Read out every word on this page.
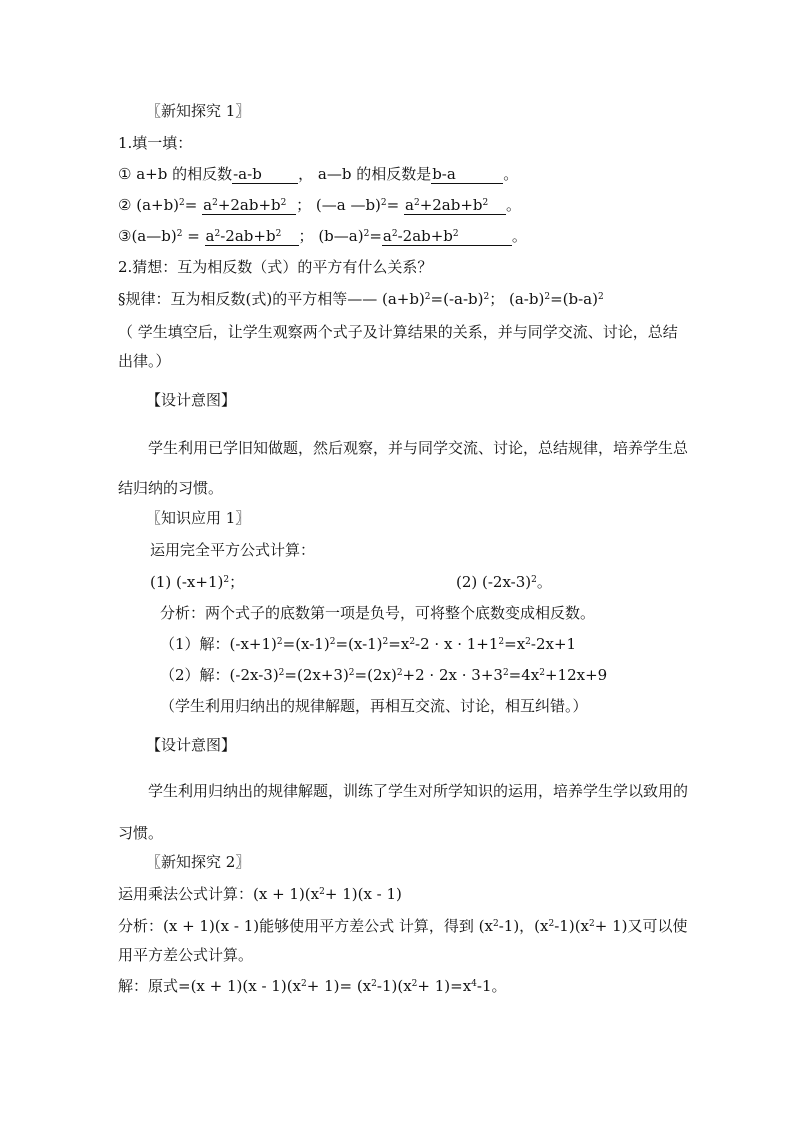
〖新知探究 1〗
1.填一填：
① a+b 的相反数-a-b， a—b 的相反数是b-a	。
② $(a+b)^2= a^2+2ab+b^2$ ； (—a —b)$^2$= $a^2+2ab+b^2$ 。
③(a—b)$^2$ = $a^2-2ab+b^2$ ； $(b—a)^2=a^2-2ab+b^2$	。
2.猜想：互为相反数（式）的平方有什么关系？
§规律：互为相反数(式)的平方相等—— $(a+b)^2=(-a-b)^2$； $(a-b)^2=(b-a)^2$
（ 学生填空后，让学生观察两个式子及计算结果的关系，并与同学交流、讨论，总结出律。）
【设计意图】
学生利用已学旧知做题，然后观察，并与同学交流、讨论，总结规律，培养学生总结归纳的习惯。
〖知识应用 1〗
运用完全平方公式计算：
(1) $(-x+1)^2$；	(2) $(-2x-3)^2$。
分析：两个式子的底数第一项是负号，可将整个底数变成相反数。
（1）解：$(-x+1)^2=(x-1)^2=(x-1)^2=x^2-2 \cdot x \cdot 1+1^2=x^2-2x+1$
（2）解：$(-2x-3)^2=(2x+3)^2=(2x)^2+2 \cdot 2x \cdot 3+3^2=4x^2+12x+9$
（学生利用归纳出的规律解题，再相互交流、讨论，相互纠错。）
【设计意图】
学生利用归纳出的规律解题，训练了学生对所学知识的运用，培养学生学以致用的习惯。
〖新知探究 2〗
运用乘法公式计算：$(x + 1)(x^2+ 1)(x - 1)$
分析：(x + 1)(x - 1)能够使用平方差公式 计算，得到 $(x^2-1)$，$(x^2-1)(x^2+ 1)$又可以使用平方差公式计算。
解：原式$=(x + 1)(x - 1)(x^2+ 1)= (x^2-1)(x^2+ 1)=x^4-1$。
